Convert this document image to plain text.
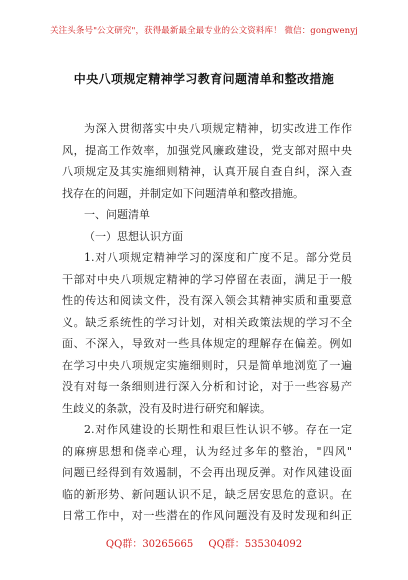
关注头条号"公文研究"，获得最新最全最专业的公文资料库！ 微信：gongwenyj
中央八项规定精神学习教育问题清单和整改措施
为深入贯彻落实中央八项规定精神，切实改进工作作
风，提高工作效率，加强党风廉政建设，党支部对照中央
八项规定及其实施细则精神，认真开展自查自纠，深入查
找存在的问题，并制定如下问题清单和整改措施。
一、问题清单
（一）思想认识方面
1.对八项规定精神学习的深度和广度不足。部分党员
干部对中央八项规定精神的学习停留在表面，满足于一般
性的传达和阅读文件，没有深入领会其精神实质和重要意
义。缺乏系统性的学习计划，对相关政策法规的学习不全
面、不深入，导致对一些具体规定的理解存在偏差。例如
在学习中央八项规定实施细则时，只是简单地浏览了一遍
没有对每一条细则进行深入分析和讨论，对于一些容易产
生歧义的条款，没有及时进行研究和解读。
2.对作风建设的长期性和艰巨性认识不够。存在一定
的麻痹思想和侥幸心理，认为经过多年的整治，"四风"
问题已经得到有效遏制，不会再出现反弹。对作风建设面
临的新形势、新问题认识不足，缺乏居安思危的意识。在
日常工作中，对一些潜在的作风问题没有及时发现和纠正
QQ群：30265665 QQ群：535304092
